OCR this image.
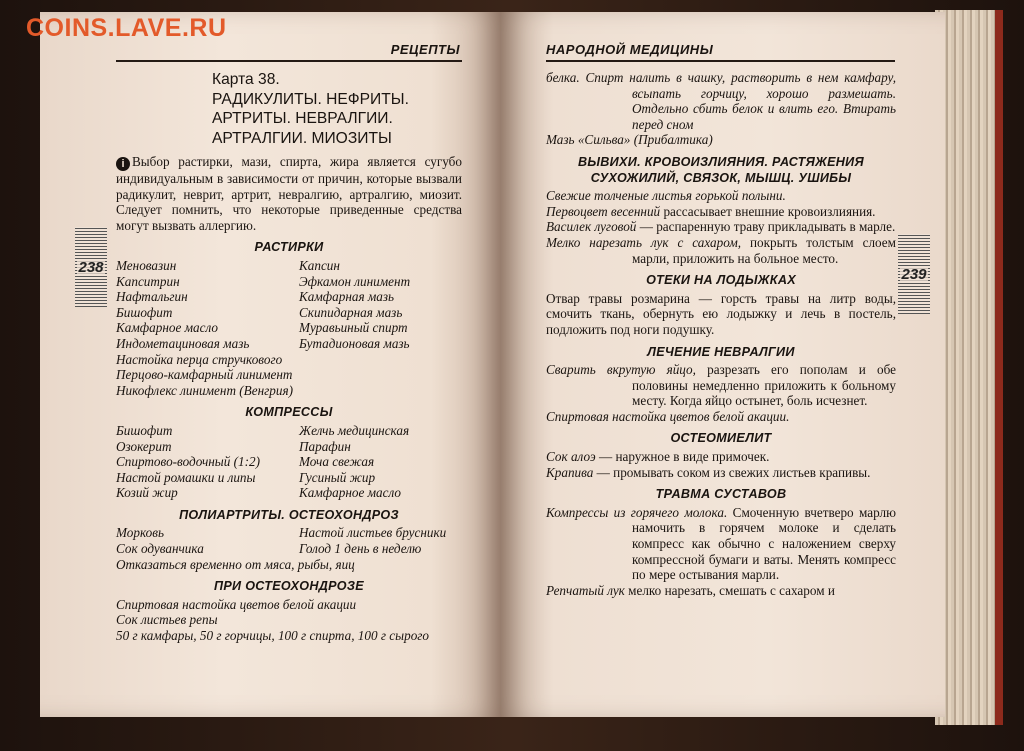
РЕЦЕПТЫ
238
Карта 38.
РАДИКУЛИТЫ. НЕФРИТЫ.
АРТРИТЫ. НЕВРАЛГИИ.
АРТРАЛГИИ. МИОЗИТЫ
i Выбор растирки, мази, спирта, жира является сугубо индивидуальным в зависимости от причин, которые вызвали радикулит, неврит, артрит, невралгию, артралгию, миозит. Следует помнить, что некоторые приведенные средства могут вызвать аллергию.
РАСТИРКИ
Меновазин
Капситрин
Нафтальгин
Бишофит
Камфарное масло
Индометациновая мазь
Капсин
Эфкамон линимент
Камфарная мазь
Скипидарная мазь
Муравьиный спирт
Бутадионовая мазь
Настойка перца стручкового
Перцово-камфарный линимент
Никофлекс линимент (Венгрия)
КОМПРЕССЫ
Бишофит
Озокерит
Спиртово-водочный (1:2)
Настой ромашки и липы
Козий жир
Желчь медицинская
Парафин
Моча свежая
Гусиный жир
Камфарное масло
ПОЛИАРТРИТЫ. ОСТЕОХОНДРОЗ
Морковь
Сок одуванчика
Настой листьев брусники
Голод 1 день в неделю
Отказаться временно от мяса, рыбы, яиц
ПРИ ОСТЕОХОНДРОЗЕ
Спиртовая настойка цветов белой акации
Сок листьев репы
50 г камфары, 50 г горчицы, 100 г спирта, 100 г сырого
НАРОДНОЙ МЕДИЦИНЫ
239
белка. Спирт налить в чашку, растворить в нем камфару, всыпать горчицу, хорошо размешать. Отдельно сбить белок и влить его. Втирать перед сном
Мазь «Сильва» (Прибалтика)
ВЫВИХИ. КРОВОИЗЛИЯНИЯ. РАСТЯЖЕНИЯ СУХОЖИЛИЙ, СВЯЗОК, МЫШЦ. УШИБЫ
Свежие толченые листья горькой полыни.
Первоцвет весенний рассасывает внешние кровоизлияния.
Василек луговой — распаренную траву прикладывать в марле.
Мелко нарезать лук с сахаром, покрыть толстым слоем марли, приложить на больное место.
ОТЕКИ НА ЛОДЫЖКАХ
Отвар травы розмарина — горсть травы на литр воды, смочить ткань, обернуть ею лодыжку и лечь в постель, подложить под ноги подушку.
ЛЕЧЕНИЕ НЕВРАЛГИИ
Сварить вкрутую яйцо, разрезать его пополам и обе половины немедленно приложить к больному месту. Когда яйцо остынет, боль исчезнет.
Спиртовая настойка цветов белой акации.
ОСТЕОМИЕЛИТ
Сок алоэ — наружное в виде примочек.
Крапива — промывать соком из свежих листьев крапивы.
ТРАВМА СУСТАВОВ
Компрессы из горячего молока. Смоченную вчетверо марлю намочить в горячем молоке и сделать компресс как обычно с наложением сверху компрессной бумаги и ваты. Менять компресс по мере остывания марли.
Репчатый лук мелко нарезать, смешать с сахаром и
COINS.LAVE.RU
